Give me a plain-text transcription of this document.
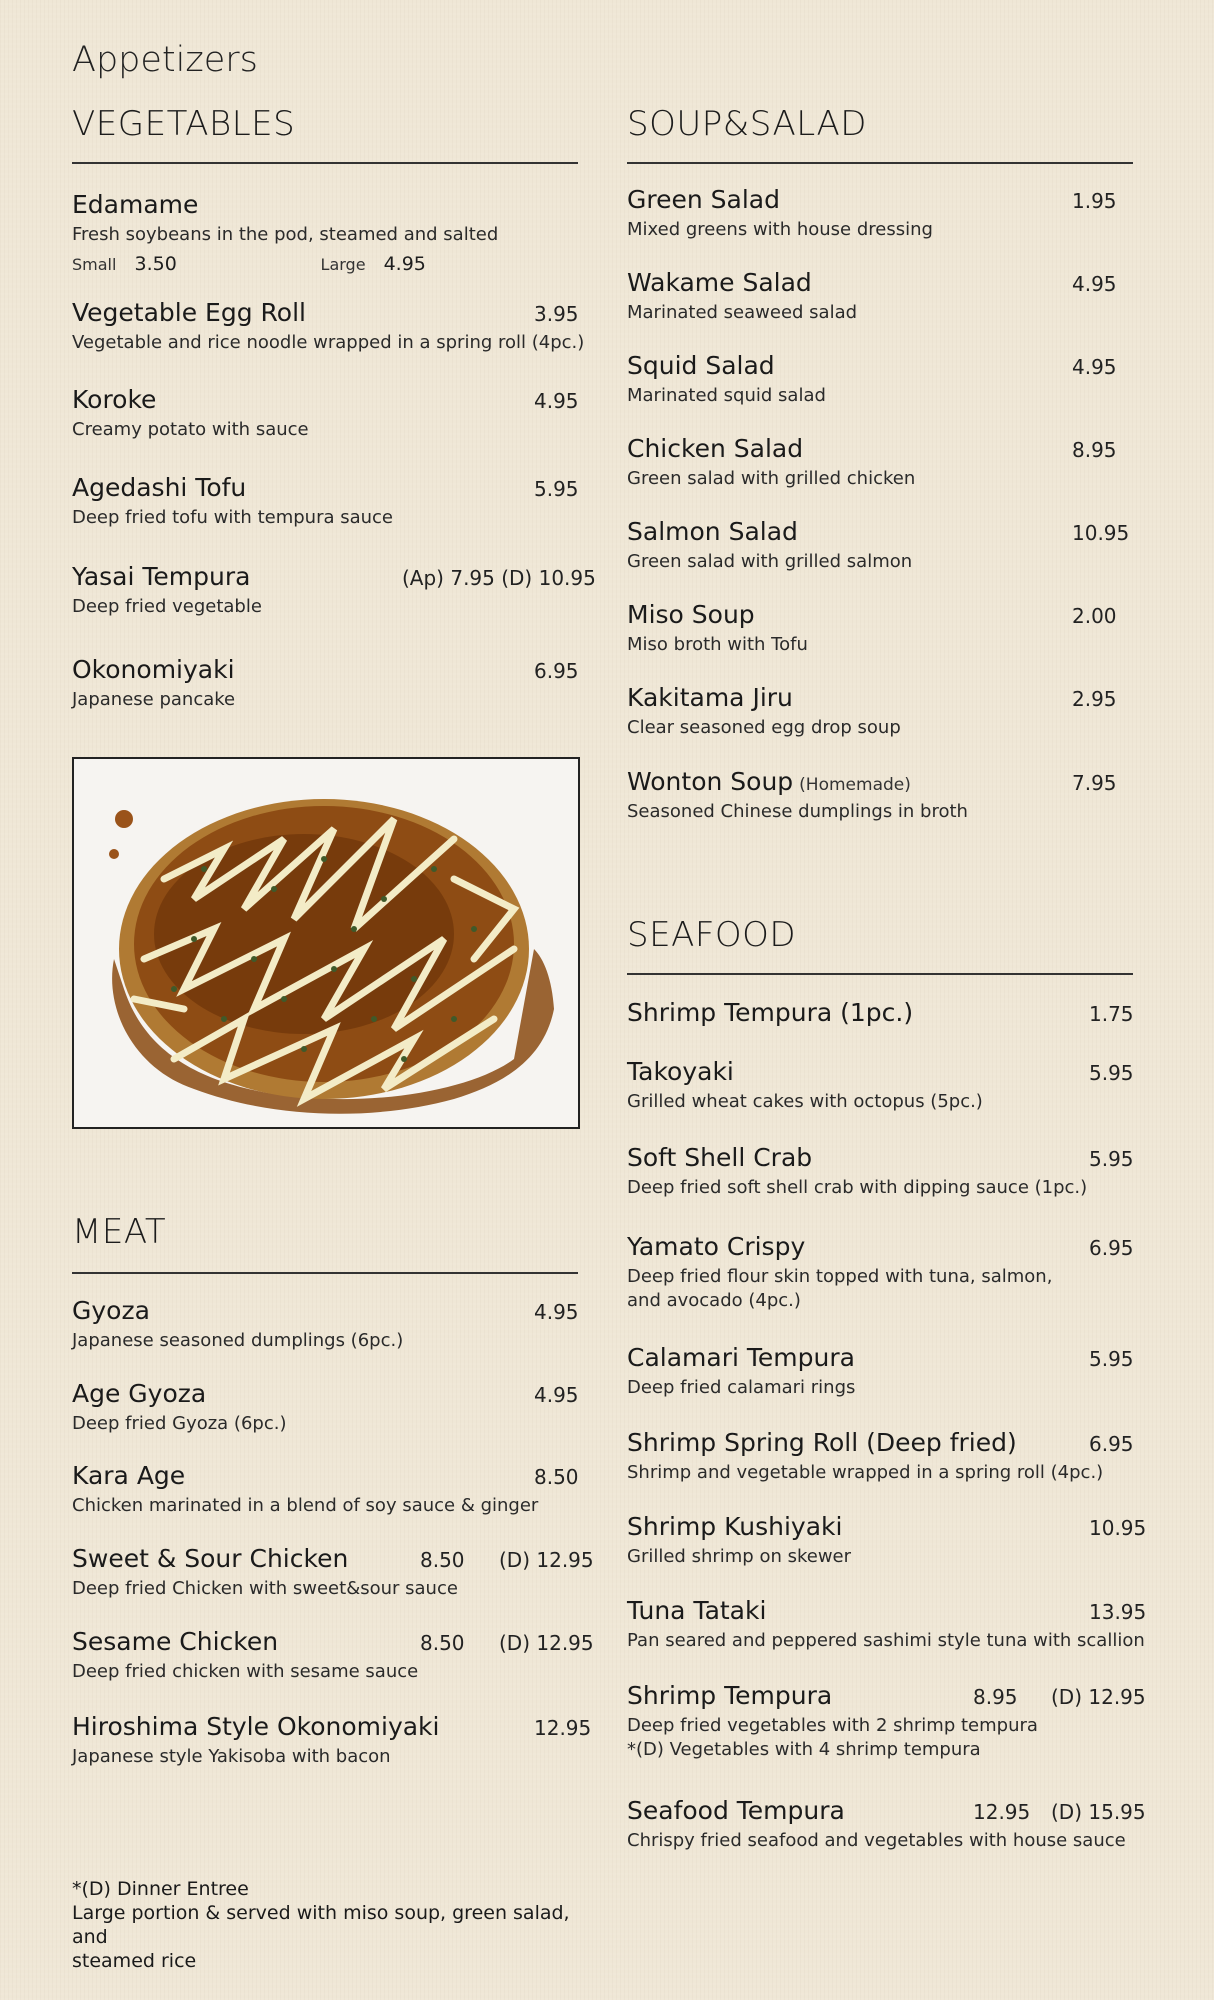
Appetizers
VEGETABLES
Edamame
Fresh soybeans in the pod, steamed and salted
Small 3.50	Large 4.95
Vegetable Egg Roll
Vegetable and rice noodle wrapped in a spring roll (4pc.)
3.95
Koroke
Creamy potato with sauce
4.95
Agedashi Tofu
Deep fried tofu with tempura sauce
5.95
Yasai Tempura
Deep fried vegetable
(Ap) 7.95 (D) 10.95
Okonomiyaki
Japanese pancake
6.95
MEAT
Gyoza
Japanese seasoned dumplings (6pc.)
4.95
Age Gyoza
Deep fried Gyoza (6pc.)
4.95
Kara Age
Chicken marinated in a blend of soy sauce & ginger
8.50
Sweet & Sour Chicken
Deep fried Chicken with sweet&sour sauce
8.50 (D) 12.95
Sesame Chicken
Deep fried chicken with sesame sauce
8.50 (D) 12.95
Hiroshima Style Okonomiyaki
Japanese style Yakisoba with bacon
12.95
*(D) Dinner Entree
Large portion & served with miso soup, green salad, and
steamed rice
SOUP&SALAD
Green Salad
Mixed greens with house dressing
1.95
Wakame Salad
Marinated seaweed salad
4.95
Squid Salad
Marinated squid salad
4.95
Chicken Salad
Green salad with grilled chicken
8.95
Salmon Salad
Green salad with grilled salmon
10.95
Miso Soup
Miso broth with Tofu
2.00
Kakitama Jiru
Clear seasoned egg drop soup
2.95
Wonton Soup (Homemade)
Seasoned Chinese dumplings in broth
7.95
SEAFOOD
Shrimp Tempura (1pc.)	1.75
Takoyaki
Grilled wheat cakes with octopus (5pc.)
5.95
Soft Shell Crab
Deep fried soft shell crab with dipping sauce (1pc.)
5.95
Yamato Crispy
Deep fried flour skin topped with tuna, salmon,
and avocado (4pc.)
6.95
Calamari Tempura
Deep fried calamari rings
5.95
Shrimp Spring Roll (Deep fried)
Shrimp and vegetable wrapped in a spring roll (4pc.)
6.95
Shrimp Kushiyaki
Grilled shrimp on skewer
10.95
Tuna Tataki
Pan seared and peppered sashimi style tuna with scallion
13.95
Shrimp Tempura
Deep fried vegetables with 2 shrimp tempura
*(D) Vegetables with 4 shrimp tempura
8.95 (D) 12.95
Seafood Tempura
Chrispy fried seafood and vegetables with house sauce
12.95 (D) 15.95
